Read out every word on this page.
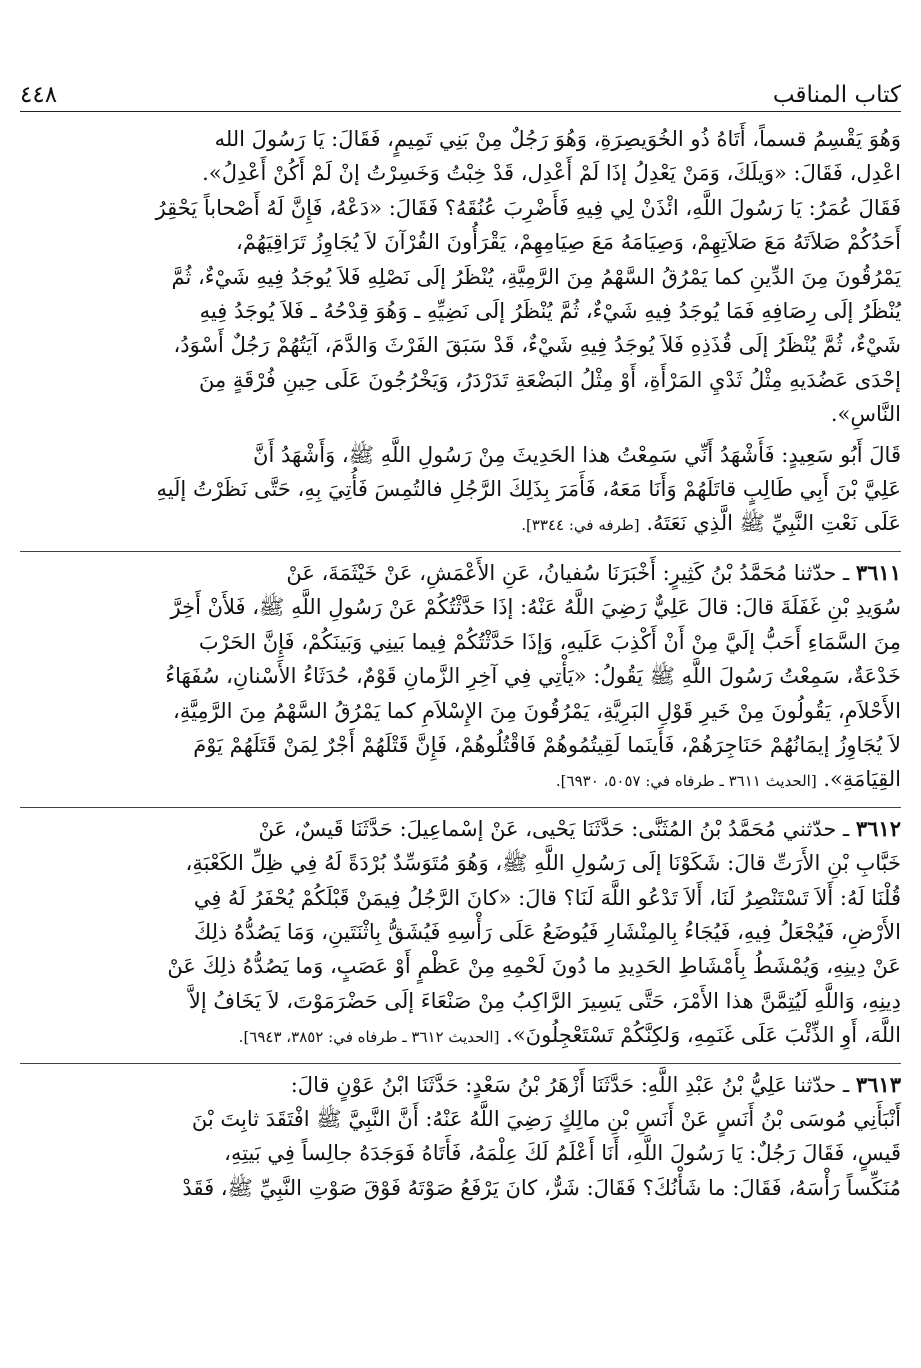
كتاب المناقب
٤٤٨

وَهُوَ يَقْسِمُ قسماً، أَتَاهُ ذُو الخُوَيصِرَةِ، وَهُوَ رَجُلٌ مِنْ بَنِي تَمِيمٍ، فَقَالَ: يَا رَسُولَ الله

اعْدِل، فَقَالَ: «وَيلَكَ، وَمَنْ يَعْدِلُ إذَا لَمْ أَعْدِل، قَدْ خِبْتُ وَخَسِرْتُ إنْ لَمْ أَكُنْ أَعْدِلُ».

فَقَالَ عُمَرُ: يَا رَسُولَ اللَّهِ، ائْذَنْ لِي فِيهِ فَأَضْرِبَ عُنُقَهُ؟ فَقَالَ: «دَعْهُ، فَإِنَّ لَهُ أَصْحاباً يَحْقِرُ

أَحَدُكُمْ صَلاَتَهُ مَعَ صَلاَتِهِمْ، وَصِيَامَهُ مَعَ صِيَامِهِمْ، يَقْرَأُونَ القُرْآنَ لاَ يُجَاوِزُ تَرَاقِيَهُمْ،

يَمْرُقُونَ مِنَ الدِّينِ كما يَمْرُقُ السَّهْمُ مِنَ الرَّمِيَّةِ، يُنْظَرُ إلَى نَصْلِهِ فَلاَ يُوجَدُ فِيهِ شَيْءٌ، ثُمَّ

يُنْظَرُ إلَى رِصَافِهِ فَمَا يُوجَدُ فِيهِ شَيْءٌ، ثُمَّ يُنْظَرُ إلَى نَضِيِّهِ ـ وَهُوَ قِدْحُهُ ـ فَلاَ يُوجَدُ فِيهِ

شَيْءٌ، ثُمَّ يُنْظَرُ إلَى قُذَذِهِ فَلاَ يُوجَدُ فِيهِ شَيْءٌ، قَدْ سَبَقَ الفَرْثَ وَالدَّمَ، آيَتُهُمْ رَجُلٌ أَسْوَدُ،

إحْدَى عَضُدَيهِ مِثْلُ ثَدْيِ المَرْأَةِ، أَوْ مِثْلُ البَضْعَةِ تَدَرْدَرُ، وَيَخْرُجُونَ عَلَى حِينِ فُرْقَةٍ مِنَ

النَّاسِ».

قَالَ أَبُو سَعِيدٍ: فَأَشْهَدُ أَنِّي سَمِعْتُ هذا الحَدِيثَ مِنْ رَسُولِ اللَّهِ ﷺ، وَأَشْهَدُ أَنَّ

عَلِيَّ بْنَ أَبِي طَالِبٍ قاتَلَهُمْ وَأَنَا مَعَهُ، فَأَمَرَ بِذَلِكَ الرَّجُلِ فالتُمِسَ فَأُتِيَ بِهِ، حَتَّى نَظَرْتُ إلَيهِ

عَلَى نَعْتِ النَّبِيِّ ﷺ الَّذِي نَعَتَهُ. [طرفه في: ٣٣٤٤].

٣٦١١ ـ حدّثنا مُحَمَّدُ بْنُ كَثِيرٍ: أَخْبَرَنَا سُفيانُ، عَنِ الأَعْمَشِ، عَنْ خَيْثَمَةَ، عَنْ

سُوَيدِ بْنِ غَفَلَةَ قالَ: قالَ عَلِيٌّ رَضِيَ اللَّهُ عَنْهُ: إذَا حَدَّثْتُكُمْ عَنْ رَسُولِ اللَّهِ ﷺ، فَلأَنْ أَخِرَّ

مِنَ السَّمَاءِ أَحَبُّ إلَيَّ مِنْ أَنْ أَكْذِبَ عَلَيهِ، وَإذَا حَدَّثْتُكُمْ فِيما بَينِي وَبَينَكُمْ، فَإِنَّ الحَرْبَ

خَدْعَةٌ، سَمِعْتُ رَسُولَ اللَّهِ ﷺ يَقُولُ: «يَأْتِي فِي آخِرِ الزَّمانِ قَوْمٌ، حُدَثَاءُ الأَسْنانِ، سُفَهَاءُ

الأَحْلاَمِ، يَقُولُونَ مِنْ خَيرِ قَوْلِ البَرِيَّةِ، يَمْرُقُونَ مِنَ الإِسْلاَمِ كما يَمْرُقُ السَّهْمُ مِنَ الرَّمِيَّةِ،

لاَ يُجَاوِزُ إيمَانُهُمْ حَنَاجِرَهُمْ، فَأَينَما لَقِيتُمُوهُمْ فَاقْتُلُوهُمْ، فَإِنَّ قَتْلَهُمْ أَجْرٌ لِمَنْ قَتَلَهُمْ يَوْمَ

القِيَامَةِ». [الحديث ٣٦١١ ـ طرفاه في: ٥٠٥٧، ٦٩٣٠].

٣٦١٢ ـ حدّثني مُحَمَّدُ بْنُ المُثَنَّى: حَدَّثَنَا يَحْيى، عَنْ إسْماعِيلَ: حَدَّثَنَا قَيسٌ، عَنْ

خَبَّابِ بْنِ الأَرَتِّ قالَ: شَكَوْنَا إلَى رَسُولِ اللَّهِ ﷺ، وَهُوَ مُتَوَسِّدٌ بُرْدَةً لَهُ فِي ظِلِّ الكَعْبَةِ،

قُلْنَا لَهُ: أَلاَ تَسْتَنْصِرُ لَنَا، أَلاَ تَدْعُو اللَّهَ لَنَا؟ قالَ: «كانَ الرَّجُلُ فِيمَنْ قَبْلَكُمْ يُحْفَرُ لَهُ فِي

الأَرْضِ، فَيُجْعَلُ فِيهِ، فَيُجَاءُ بِالمِنْشَارِ فَيُوضَعُ عَلَى رَأْسِهِ فَيُشَقُّ بِاثْنَتَينِ، وَمَا يَصُدُّهُ ذلِكَ

عَنْ دِينِهِ، وَيُمْشَطُ بِأَمْشَاطِ الحَدِيدِ ما دُونَ لَحْمِهِ مِنْ عَظْمٍ أَوْ عَصَبٍ، وَما يَصُدُّهُ ذلِكَ عَنْ

دِينِهِ، وَاللَّهِ لَيُتِمَّنَّ هذا الأَمْرَ، حَتَّى يَسِيرَ الرَّاكِبُ مِنْ صَنْعَاءَ إلَى حَضْرَمَوْتَ، لاَ يَخَافُ إلاَّ

اللَّهَ، أَوِ الذِّئْبَ عَلَى غَنَمِهِ، وَلكِنَّكُمْ تَسْتَعْجِلُونَ». [الحديث ٣٦١٢ ـ طرفاه في: ٣٨٥٢، ٦٩٤٣].

٣٦١٣ ـ حدّثنا عَلِيُّ بْنُ عَبْدِ اللَّهِ: حَدَّثَنَا أَزْهَرُ بْنُ سَعْدٍ: حَدَّثَنَا ابْنُ عَوْنٍ قالَ:

أَنْبَأَنِي مُوسَى بْنُ أَنَسٍ عَنْ أَنَسِ بْنِ مالِكٍ رَضِيَ اللَّهُ عَنْهُ: أَنَّ النَّبِيَّ ﷺ افْتَقَدَ ثابِتَ بْنَ

قَيسٍ، فَقَالَ رَجُلٌ: يَا رَسُولَ اللَّهِ، أَنَا أَعْلَمُ لَكَ عِلْمَهُ، فَأَتَاهُ فَوَجَدَهُ جالِساً فِي بَيتِهِ،

مُنَكِّساً رَأْسَهُ، فَقَالَ: ما شَأْنُكَ؟ فَقَالَ: شَرٌّ، كانَ يَرْفَعُ صَوْتَهُ فَوْقَ صَوْتِ النَّبِيِّ ﷺ، فَقَدْ
